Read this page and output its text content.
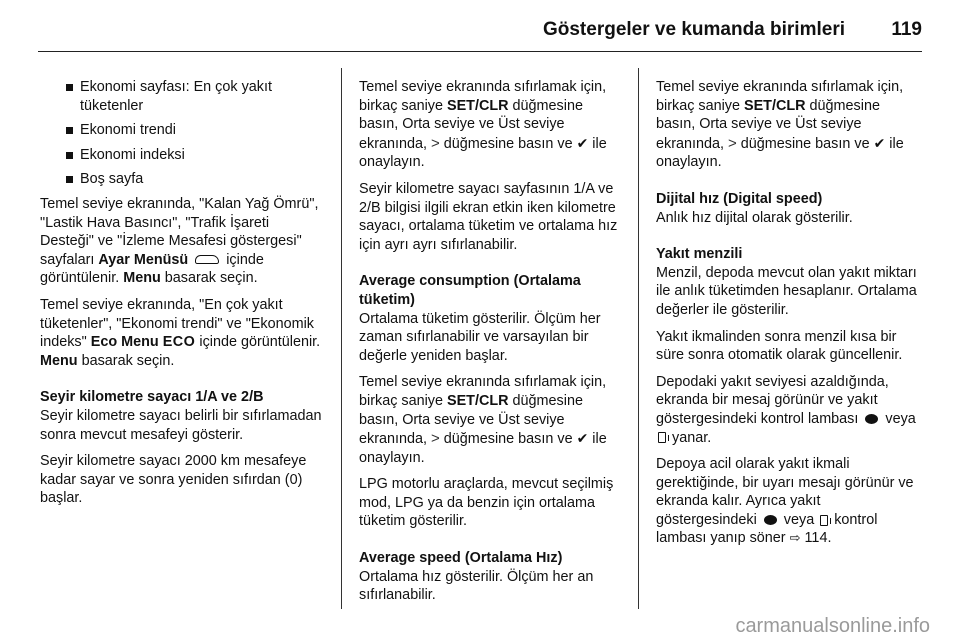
Göstergeler ve kumanda birimleri 119

Ekonomi sayfası: En çok yakıt tüketenler

Ekonomi trendi

Ekonomi indeksi

Boş sayfa

Temel seviye ekranında, "Kalan Yağ Ömrü", "Lastik Hava Basıncı", "Trafik İşareti Desteği" ve "İzleme Mesafesi göstergesi" sayfaları Ayar Menüsü  içinde görüntülenir. Menu basarak seçin.

Temel seviye ekranında, "En çok yakıt tüketenler", "Ekonomi trendi" ve "Ekonomik indeks" Eco Menu ECO içinde görüntülenir. Menu basarak seçin.

Seyir kilometre sayacı 1/A ve 2/B

Seyir kilometre sayacı belirli bir sıfırlamadan sonra mevcut mesafeyi gösterir.

Seyir kilometre sayacı 2000 km mesafeye kadar sayar ve sonra yeniden sıfırdan (0) başlar.

Temel seviye ekranında sıfırlamak için, birkaç saniye SET/CLR düğmesine basın, Orta seviye ve Üst seviye ekranında, > düğmesine basın ve ✔ ile onaylayın.

Seyir kilometre sayacı sayfasının 1/A ve 2/B bilgisi ilgili ekran etkin iken kilometre sayacı, ortalama tüketim ve ortalama hız için ayrı ayrı sıfırlanabilir.

Average consumption (Ortalama tüketim)

Ortalama tüketim gösterilir. Ölçüm her zaman sıfırlanabilir ve varsayılan bir değerle yeniden başlar.

Temel seviye ekranında sıfırlamak için, birkaç saniye SET/CLR düğmesine basın, Orta seviye ve Üst seviye ekranında, > düğmesine basın ve ✔ ile onaylayın.

LPG motorlu araçlarda, mevcut seçilmiş mod, LPG ya da benzin için ortalama tüketim gösterilir.

Average speed (Ortalama Hız)

Ortalama hız gösterilir. Ölçüm her an sıfırlanabilir.

Temel seviye ekranında sıfırlamak için, birkaç saniye SET/CLR düğmesine basın, Orta seviye ve Üst seviye ekranında, > düğmesine basın ve ✔ ile onaylayın.

Dijital hız (Digital speed)

Anlık hız dijital olarak gösterilir.

Yakıt menzili

Menzil, depoda mevcut olan yakıt miktarı ile anlık tüketimden hesaplanır. Ortalama değerler ile gösterilir.

Yakıt ikmalinden sonra menzil kısa bir süre sonra otomatik olarak güncellenir.

Depodaki yakıt seviyesi azaldığında, ekranda bir mesaj görünür ve yakıt göstergesindeki kontrol lambası  veya  yanar.

Depoya acil olarak yakıt ikmali gerektiğinde, bir uyarı mesajı görünür ve ekranda kalır. Ayrıca yakıt göstergesindeki  veya  kontrol lambası yanıp söner ⇨ 114.

carmanualsonline.info
